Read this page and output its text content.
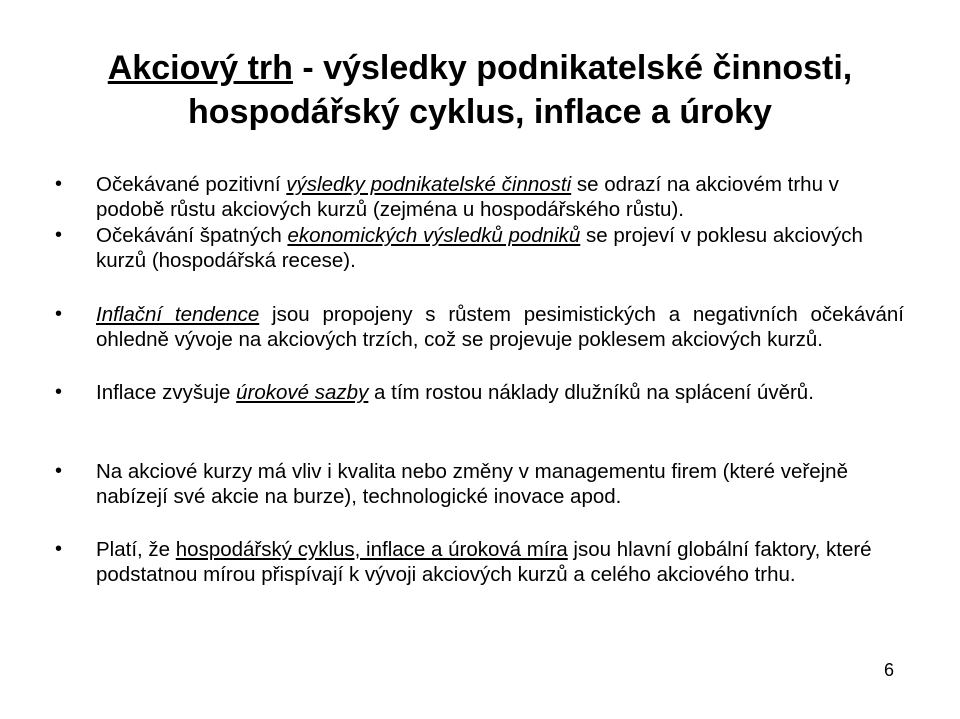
Akciový trh - výsledky podnikatelské činnosti,
hospodářský cyklus, inflace a úroky
• Očekávané pozitivní výsledky podnikatelské činnosti se odrazí na akciovém trhu v podobě růstu akciových kurzů (zejména u hospodářského růstu).
• Očekávání špatných ekonomických výsledků podniků se projeví v poklesu akciových kurzů (hospodářská recese).
• Inflační tendence jsou propojeny s růstem pesimistických a negativních očekávání ohledně vývoje na akciových trzích, což se projevuje poklesem akciových kurzů.
• Inflace zvyšuje úrokové sazby a tím rostou náklady dlužníků na splácení úvěrů.
• Na akciové kurzy má vliv i kvalita nebo změny v managementu firem (které veřejně nabízejí své akcie na burze), technologické inovace apod.
• Platí, že hospodářský cyklus, inflace a úroková míra jsou hlavní globální faktory, které podstatnou mírou přispívají k vývoji akciových kurzů a celého akciového trhu.
6
